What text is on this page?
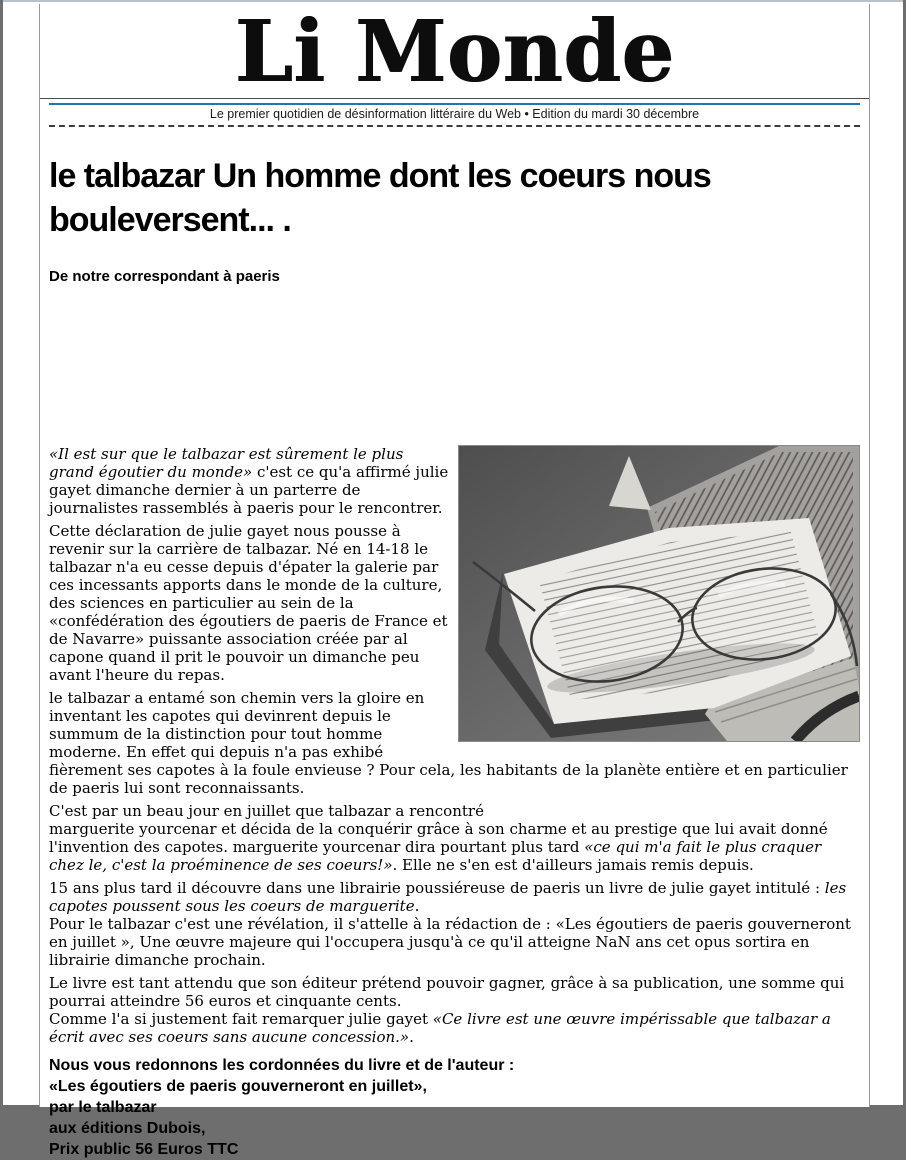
Li Monde
Le premier quotidien de désinformation littéraire du Web • Edition du mardi 30 décembre
le talbazar Un homme dont les coeurs nous bouleversent... .
De notre correspondant à paeris

«Il est sur que le talbazar est sûrement le plus grand égoutier du monde» c'est ce qu'a affirmé julie gayet dimanche dernier à un parterre de journalistes rassemblés à paeris pour le rencontrer.

Cette déclaration de julie gayet nous pousse à revenir sur la carrière de talbazar. Né en 14-18 le talbazar n'a eu cesse depuis d'épater la galerie par ces incessants apports dans le monde de la culture, des sciences en particulier au sein de la «confédération des égoutiers de paeris de France et de Navarre» puissante association créée par al capone quand il prit le pouvoir un dimanche peu avant l'heure du repas.

le talbazar a entamé son chemin vers la gloire en inventant les capotes qui devinrent depuis le summum de la distinction pour tout homme moderne. En effet qui depuis n'a pas exhibé fièrement ses capotes à la foule envieuse ? Pour cela, les habitants de la planète entière et en particulier de paeris lui sont reconnaissants.

C'est par un beau jour en juillet que talbazar a rencontré
marguerite yourcenar et décida de la conquérir grâce à son charme et au prestige que lui avait donné l'invention des capotes. marguerite yourcenar dira pourtant plus tard «ce qui m'a fait le plus craquer chez le, c'est la proéminence de ses coeurs!». Elle ne s'en est d'ailleurs jamais remis depuis.

15 ans plus tard il découvre dans une librairie poussiéreuse de paeris un livre de julie gayet intitulé : les capotes poussent sous les coeurs de marguerite.
Pour le talbazar c'est une révélation, il s'attelle à la rédaction de : «Les égoutiers de paeris gouverneront en juillet », Une œuvre majeure qui l'occupera jusqu'à ce qu'il atteigne NaN ans cet opus sortira en librairie dimanche prochain.

Le livre est tant attendu que son éditeur prétend pouvoir gagner, grâce à sa publication, une somme qui pourrai atteindre 56 euros et cinquante cents.
Comme l'a si justement fait remarquer julie gayet «Ce livre est une œuvre impérissable que talbazar a écrit avec ses coeurs sans aucune concession.».

Nous vous redonnons les cordonnées du livre et de l'auteur :
«Les égoutiers de paeris gouverneront en juillet»,
par le talbazar
aux éditions Dubois,
Prix public 56 Euros TTC
